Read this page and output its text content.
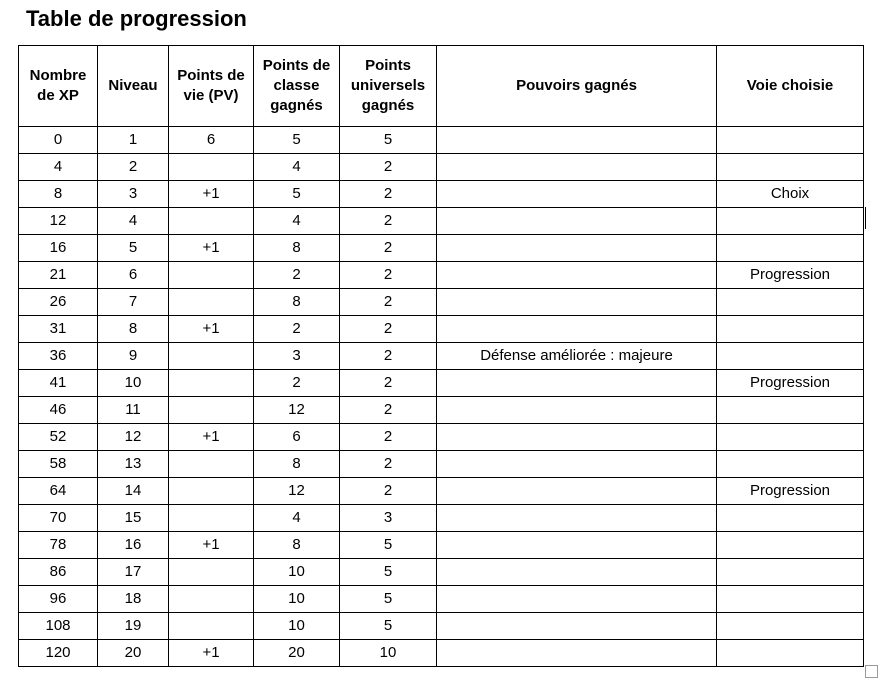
Table de progression
Nombre de XP	Niveau	Points de vie (PV)	Points de classe gagnés	Points universels gagnés	Pouvoirs gagnés	Voie choisie
0	1	6	5	5		
4	2		4	2		
8	3	+1	5	2		Choix
12	4		4	2		
16	5	+1	8	2		
21	6		2	2		Progression
26	7		8	2		
31	8	+1	2	2		
36	9		3	2	Défense améliorée : majeure	
41	10		2	2		Progression
46	11		12	2		
52	12	+1	6	2		
58	13		8	2		
64	14		12	2		Progression
70	15		4	3		
78	16	+1	8	5		
86	17		10	5		
96	18		10	5		
108	19		10	5		
120	20	+1	20	10		
